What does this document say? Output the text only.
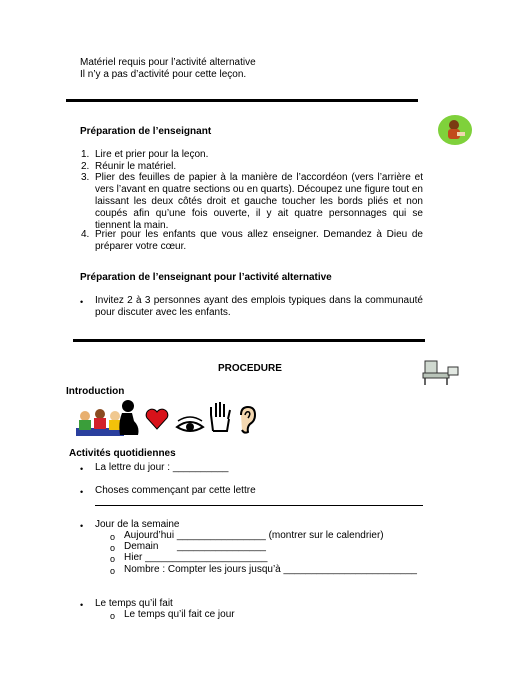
Matériel requis pour l’activité alternative
Il n’y a pas d’activité pour cette leçon.
Préparation de l’enseignant
1. Lire et prier pour la leçon.
2. Réunir le matériel.
3. Plier des feuilles de papier à la manière de l’accordéon (vers l’arrière et vers l’avant en quatre sections ou en quarts). Découpez une figure tout en laissant les deux côtés droit et gauche toucher les bords pliés et non coupés afin qu’une fois ouverte, il y ait quatre personnages qui se tiennent la main.
4. Prier pour les enfants que vous allez enseigner. Demandez à Dieu de préparer votre cœur.
Préparation de l’enseignant pour l’activité alternative
• Invitez 2 à 3 personnes ayant des emplois typiques dans la communauté pour discuter avec les enfants.
PROCEDURE
Introduction
Activités quotidiennes
• La lettre du jour : __________
• Choses commençant par cette lettre
• Jour de la semaine
o Aujourd’hui ________________ (montrer sur le calendrier)
o Demain ________________
o Hier ______________________
o Nombre : Compter les jours jusqu’à ________________________
• Le temps qu’il fait
o Le temps qu’il fait ce jour
